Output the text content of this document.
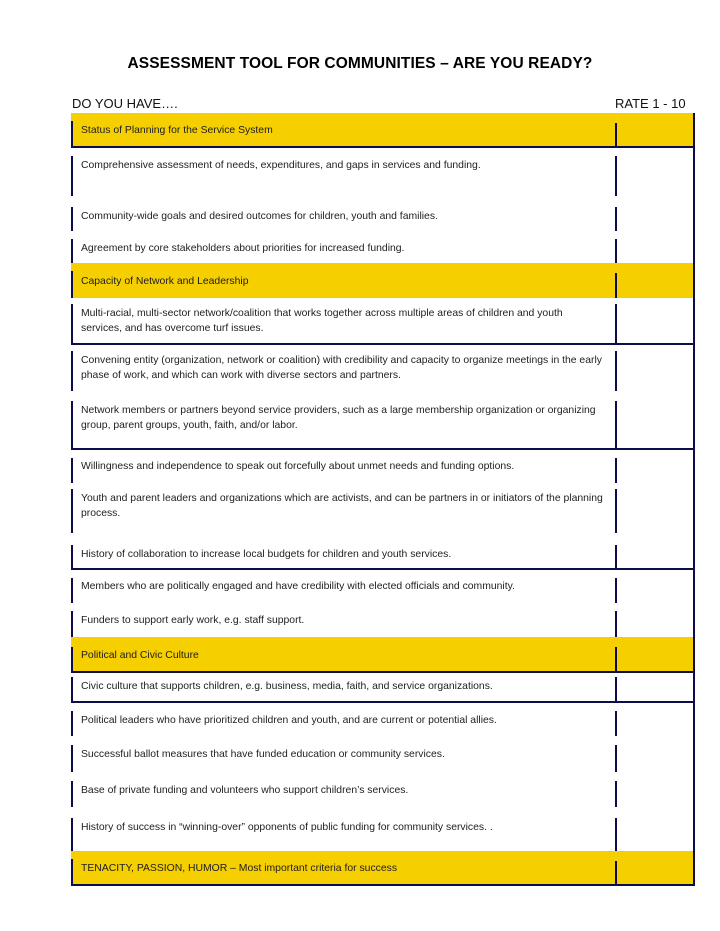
ASSESSMENT TOOL FOR COMMUNITIES – ARE YOU READY?
DO YOU HAVE….	RATE 1 - 10
Status of Planning for the Service System
Comprehensive assessment of needs, expenditures, and gaps in services and funding.
Community-wide goals and desired outcomes for children, youth and families.
Agreement by core stakeholders about priorities for increased funding.
Capacity of Network and Leadership
Multi-racial, multi-sector network/coalition that works together across multiple areas of children and youth services, and has overcome turf issues.
Convening entity (organization, network or coalition) with credibility and capacity to organize meetings in the early phase of work, and which can work with diverse sectors and partners.
Network members or partners beyond service providers, such as a large membership organization or organizing group, parent groups, youth, faith, and/or labor.
Willingness and independence to speak out forcefully about unmet needs and funding options.
Youth and parent leaders and organizations which are activists, and can be partners in or initiators of the planning process.
History of collaboration to increase local budgets for children and youth services.
Members who are politically engaged and have credibility with elected officials and community.
Funders to support early work, e.g. staff support.
Political and Civic Culture
Civic culture that supports children, e.g. business, media, faith, and service organizations.
Political leaders who have prioritized children and youth, and are current or potential allies.
Successful ballot measures that have funded education or community services.
Base of private funding and volunteers who support children’s services.
History of success in “winning-over” opponents of public funding for community services. .
TENACITY, PASSION, HUMOR – Most important criteria for success
